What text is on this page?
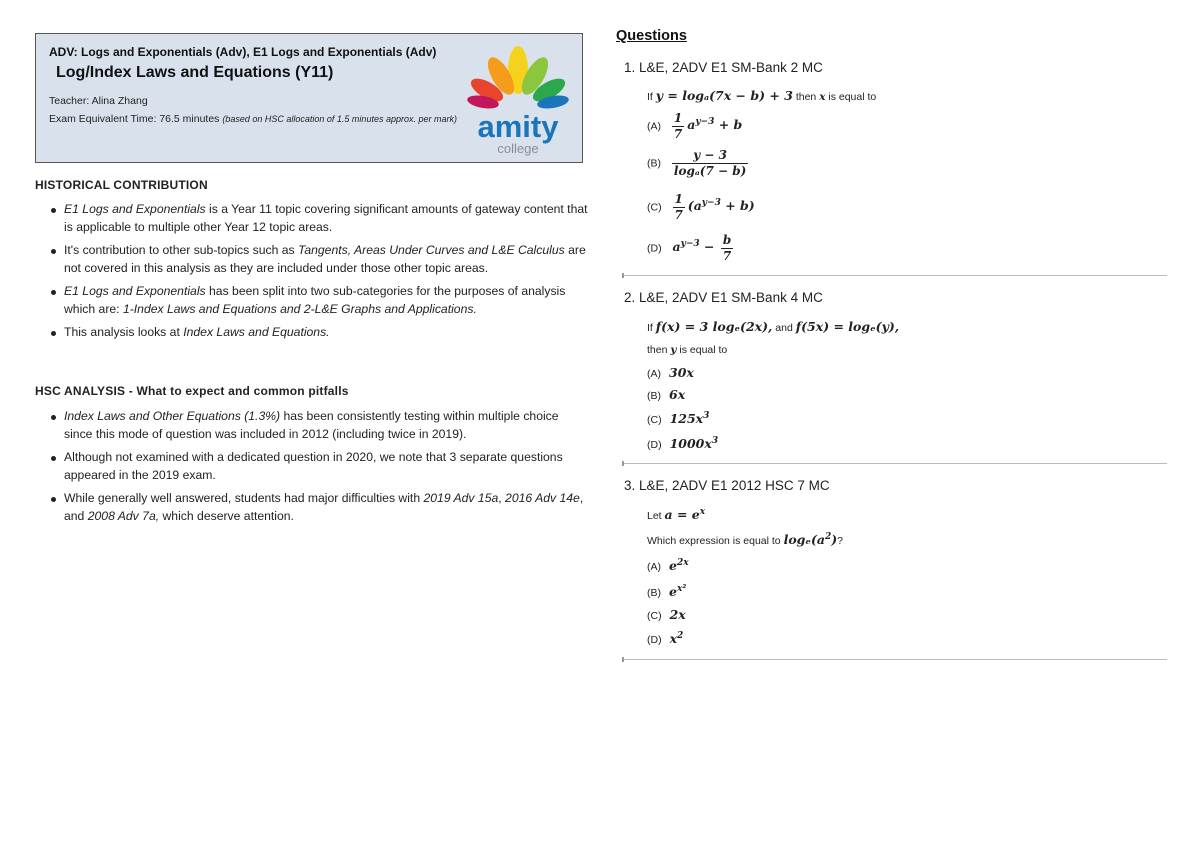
ADV: Logs and Exponentials (Adv), E1 Logs and Exponentials (Adv)
Log/Index Laws and Equations (Y11)
Teacher: Alina Zhang
Exam Equivalent Time: 76.5 minutes (based on HSC allocation of 1.5 minutes approx. per mark) amity
college
HISTORICAL CONTRIBUTION
E1 Logs and Exponentials is a Year 11 topic covering significant amounts of gateway content that is applicable to multiple other Year 12 topic areas.
It's contribution to other sub-topics such as Tangents, Areas Under Curves and L&E Calculus are not covered in this analysis as they are included under those other topic areas.
E1 Logs and Exponentials has been split into two sub-categories for the purposes of analysis which are: 1-Index Laws and Equations and 2-L&E Graphs and Applications.
This analysis looks at Index Laws and Equations.
HSC ANALYSIS - What to expect and common pitfalls
Index Laws and Other Equations (1.3%) has been consistently testing within multiple choice since this mode of question was included in 2012 (including twice in 2019).
Although not examined with a dedicated question in 2020, we note that 3 separate questions appeared in the 2019 exam.
While generally well answered, students had major difficulties with 2019 Adv 15a, 2016 Adv 14e, and 2008 Adv 7a, which deserve attention.
Questions
1. L&E, 2ADV E1 SM-Bank 2 MC
If y = logₐ(7x − b) + 3 then x is equal to
$(A) \frac{1}{7} a^{y-3} + b$
$(B) \frac{y - 3}{\text{logₐ(7 − b)}}$
$(C) \frac{1}{7} (a^{y-3} + b)$
(D) $a^{y-3} - \frac{b}{7}$
2. L&E, 2ADV E1 SM-Bank 4 MC
If f(x) = 3 logₑ(2x), and f(5x) = logₑ(y),
then y is equal to
(A) 30x
(B) 6x
(C) $125x^3$
(D) $1000x^3$
3. L&E, 2ADV E1 2012 HSC 7 MC
Let $a = e^x$
Which expression is equal to $\log_e(a^2)$?
(A) $e^{2x}$
(B) $e^{x^2}$
(C) 2x
(D) $x^2$
